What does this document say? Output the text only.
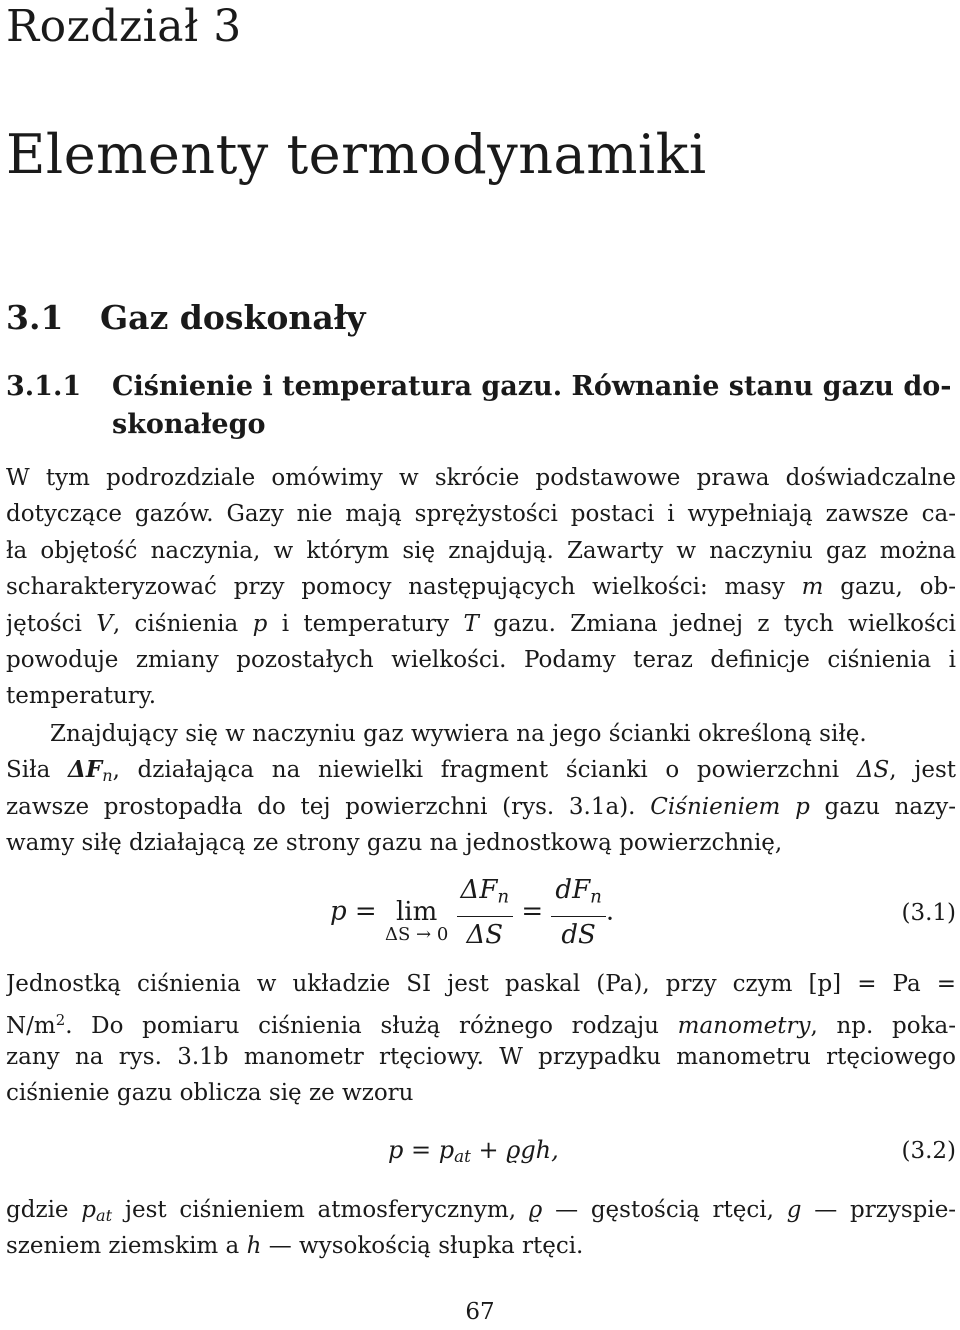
Rozdział 3
Elementy termodynamiki
3.1 Gaz doskonały
3.1.1 Ciśnienie i temperatura gazu. Równanie stanu gazu do-
skonałego
W tym podrozdziale omówimy w skrócie podstawowe prawa doświadczalne
dotyczące gazów. Gazy nie mają sprężystości postaci i wypełniają zawsze ca-
ła objętość naczynia, w którym się znajdują. Zawarty w naczyniu gaz można
scharakteryzować przy pomocy następujących wielkości: masy m gazu, ob-
jętości V, ciśnienia p i temperatury T gazu. Zmiana jednej z tych wielkości
powoduje zmiany pozostałych wielkości. Podamy teraz definicje ciśnienia i
temperatury.
Znajdujący się w naczyniu gaz wywiera na jego ścianki określoną siłę.
Siła $\Delta F_n$, działająca na niewielki fragment ścianki o powierzchni ΔS, jest
zawsze prostopadła do tej powierzchni (rys. 3.1a). Ciśnieniem p gazu nazy-
wamy siłę działającą ze strony gazu na jednostkową powierzchnię,
p = lim
ΔS → 0
$\frac{\Delta F_n}{\Delta S} = \frac{dF_n}{dS}$ .	(3.1)
Jednostką ciśnienia w układzie SI jest paskal (Pa), przy czym [p] = Pa =
$N/m^2$. Do pomiaru ciśnienia służą różnego rodzaju manometry, np. poka-
zany na rys. 3.1b manometr rtęciowy. W przypadku manometru rtęciowego
ciśnienie gazu oblicza się ze wzoru
$p = p_{at} + ϱgh$,	(3.2)
gdzie $p_{at}$ jest ciśnieniem atmosferycznym, ϱ — gęstością rtęci, g — przyspie-
szeniem ziemskim a h — wysokością słupka rtęci.
67
